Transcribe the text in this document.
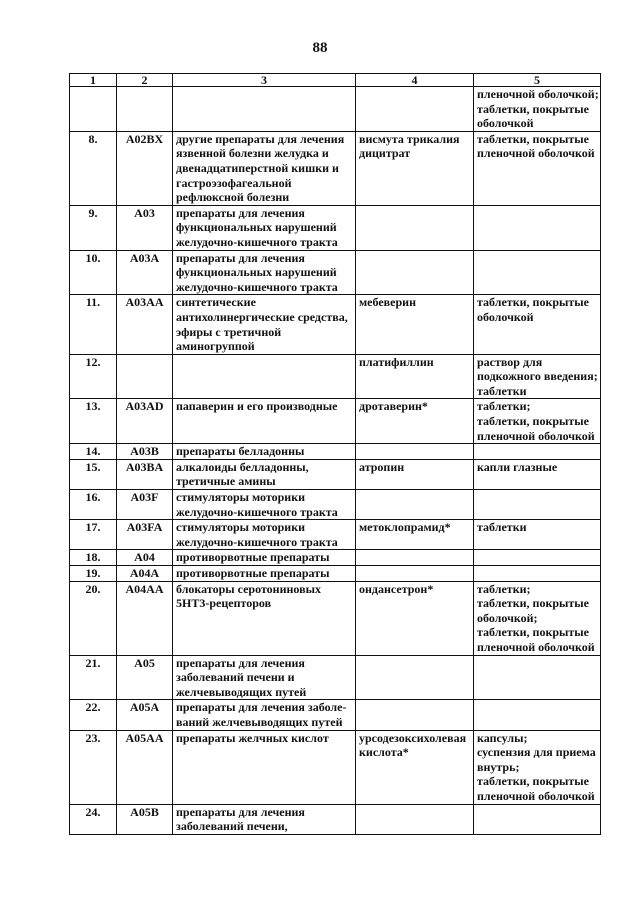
88
1	2	3	4	5

				пленочной оболочкой;
таблетки, покрытые
оболочкой

8.	A02BX	другие препараты для лечения
язвенной болезни желудка и
двенадцатиперстной кишки и
гастроэзофагеальной
рефлюксной болезни	висмута трикалия
дицитрат	таблетки, покрытые
пленочной оболочкой

9.	A03	препараты для лечения
функциональных нарушений
желудочно-кишечного тракта		

10.	A03A	препараты для лечения
функциональных нарушений
желудочно-кишечного тракта		

11.	A03AA	синтетические
антихолинергические средства,
эфиры с третичной
аминогруппой	мебеверин	таблетки, покрытые
оболочкой

12.			платифиллин	раствор для
подкожного введения;
таблетки

13.	A03AD	папаверин и его производные	дротаверин*	таблетки;
таблетки, покрытые
пленочной оболочкой

14.	A03B	препараты белладонны		

15.	A03BA	алкалоиды белладонны,
третичные амины	атропин	капли глазные

16.	A03F	стимуляторы моторики
желудочно-кишечного тракта		

17.	A03FA	стимуляторы моторики
желудочно-кишечного тракта	метоклопрамид*	таблетки

18.	A04	противорвотные препараты		

19.	A04A	противорвотные препараты		

20.	A04AA	блокаторы серотониновых
5HT3-рецепторов	ондансетрон*	таблетки;
таблетки, покрытые
оболочкой;
таблетки, покрытые
пленочной оболочкой

21.	A05	препараты для лечения
заболеваний печени и
желчевыводящих путей		

22.	A05A	препараты для лечения заболе-
ваний желчевыводящих путей		

23.	A05AA	препараты желчных кислот	урсодезоксихолевая
кислота*	капсулы;
суспензия для приема
внутрь;
таблетки, покрытые
пленочной оболочкой

24.	A05B	препараты для лечения
заболеваний печени,		
